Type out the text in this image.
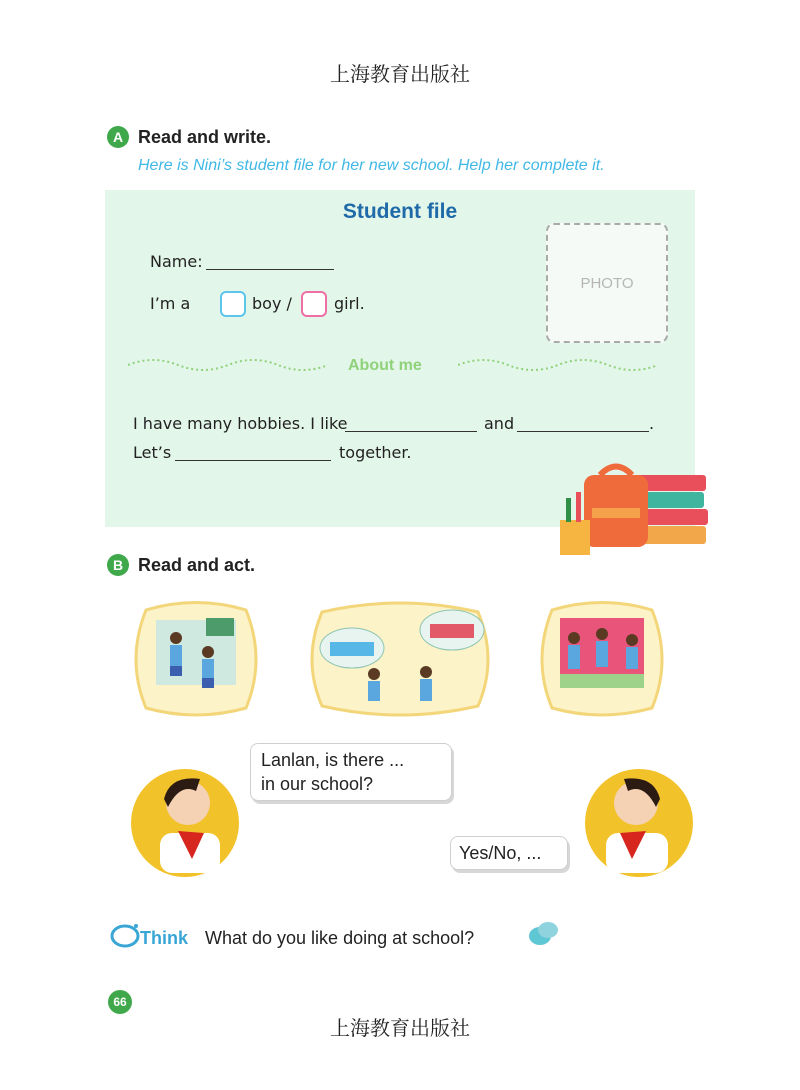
上海教育出版社
A Read and write.
Here is Nini’s student file for her new school. Help her complete it.
Student file
Name:
I’m a	boy /	girl.
PHOTO
About me
I have many hobbies. I like	and	.
Let’s	together.
B Read and act.
Lanlan, is there ...
in our school?
Yes/No, ...
Think What do you like doing at school?
66
上海教育出版社
